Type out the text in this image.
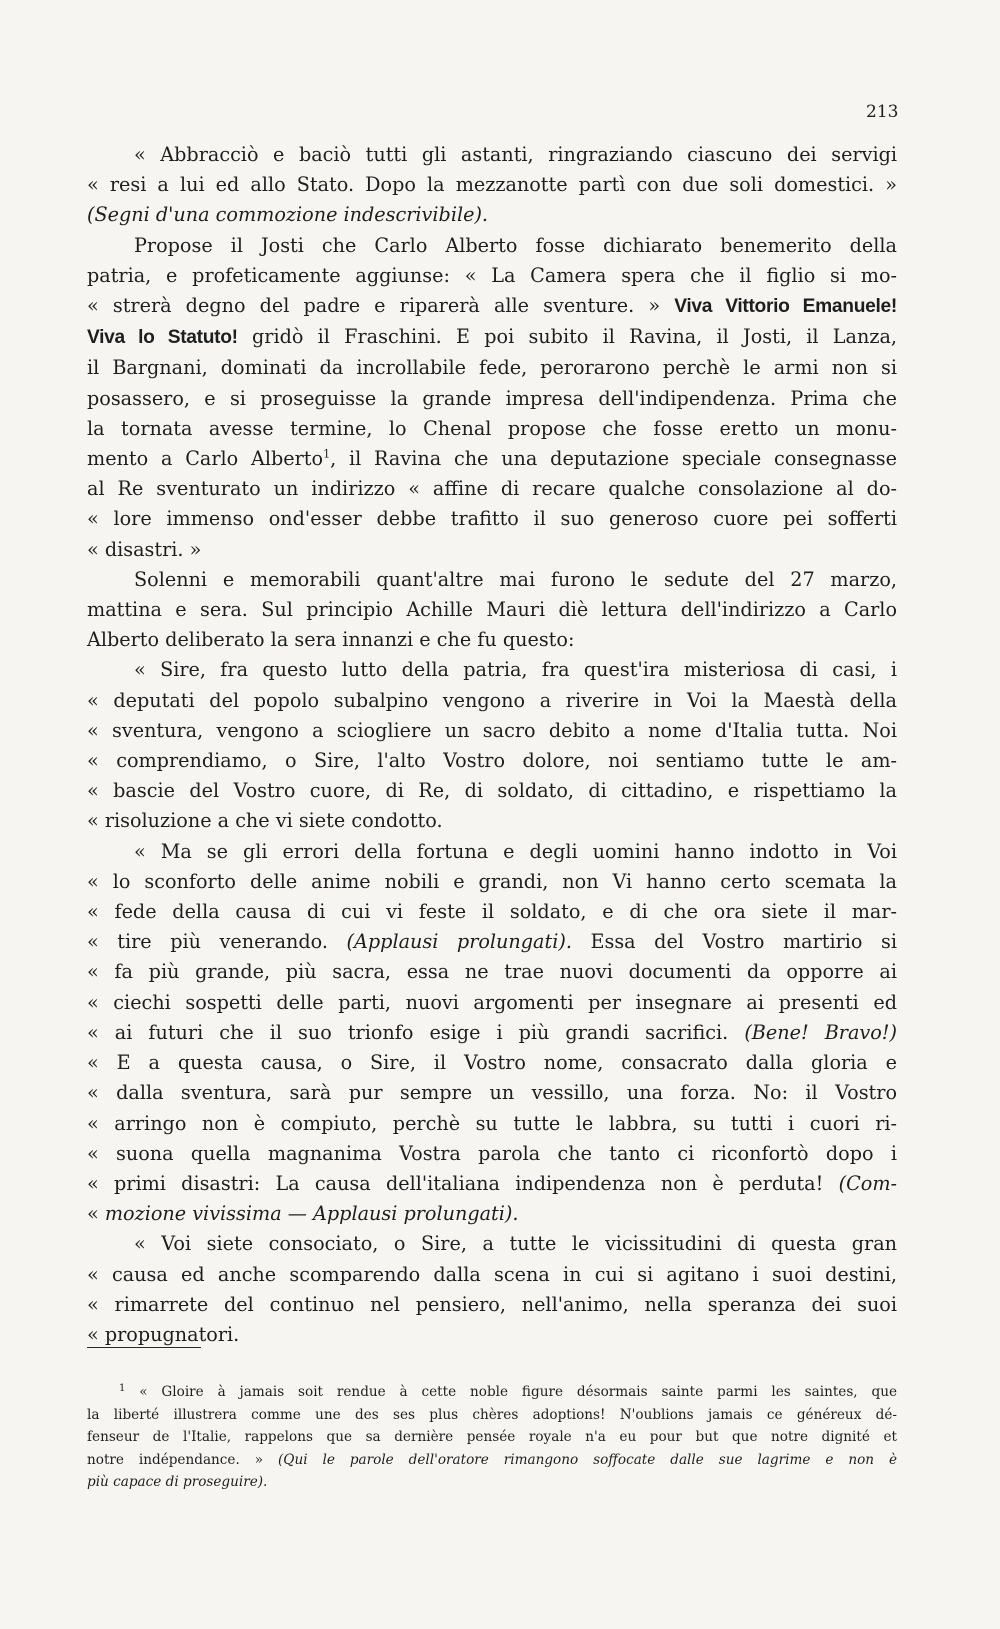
213
« Abbracciò e baciò tutti gli astanti, ringraziando ciascuno dei servigi
« resi a lui ed allo Stato. Dopo la mezzanotte partì con due soli domestici. »
(Segni d'una commozione indescrivibile).
Propose il Josti che Carlo Alberto fosse dichiarato benemerito della
patria, e profeticamente aggiunse: « La Camera spera che il figlio si mo-
« strerà degno del padre e riparerà alle sventure. » Viva Vittorio Emanuele!
Viva lo Statuto! gridò il Fraschini. E poi subito il Ravina, il Josti, il Lanza,
il Bargnani, dominati da incrollabile fede, perorarono perchè le armi non si
posassero, e si proseguisse la grande impresa dell'indipendenza. Prima che
la tornata avesse termine, lo Chenal propose che fosse eretto un monu-
mento a Carlo Alberto$^1$, il Ravina che una deputazione speciale consegnasse
al Re sventurato un indirizzo « affine di recare qualche consolazione al do-
« lore immenso ond'esser debbe trafitto il suo generoso cuore pei sofferti
« disastri. »
Solenni e memorabili quant'altre mai furono le sedute del 27 marzo,
mattina e sera. Sul principio Achille Mauri diè lettura dell'indirizzo a Carlo
Alberto deliberato la sera innanzi e che fu questo:
« Sire, fra questo lutto della patria, fra quest'ira misteriosa di casi, i
« deputati del popolo subalpino vengono a riverire in Voi la Maestà della
« sventura, vengono a sciogliere un sacro debito a nome d'Italia tutta. Noi
« comprendiamo, o Sire, l'alto Vostro dolore, noi sentiamo tutte le am-
« bascie del Vostro cuore, di Re, di soldato, di cittadino, e rispettiamo la
« risoluzione a che vi siete condotto.
« Ma se gli errori della fortuna e degli uomini hanno indotto in Voi
« lo sconforto delle anime nobili e grandi, non Vi hanno certo scemata la
« fede della causa di cui vi feste il soldato, e di che ora siete il mar-
« tire più venerando. (Applausi prolungati). Essa del Vostro martirio si
« fa più grande, più sacra, essa ne trae nuovi documenti da opporre ai
« ciechi sospetti delle parti, nuovi argomenti per insegnare ai presenti ed
« ai futuri che il suo trionfo esige i più grandi sacrifici. (Bene! Bravo!)
« E a questa causa, o Sire, il Vostro nome, consacrato dalla gloria e
« dalla sventura, sarà pur sempre un vessillo, una forza. No: il Vostro
« arringo non è compiuto, perchè su tutte le labbra, su tutti i cuori ri-
« suona quella magnanima Vostra parola che tanto ci riconfortò dopo i
« primi disastri: La causa dell'italiana indipendenza non è perduta! (Com-
« mozione vivissima — Applausi prolungati).
« Voi siete consociato, o Sire, a tutte le vicissitudini di questa gran
« causa ed anche scomparendo dalla scena in cui si agitano i suoi destini,
« rimarrete del continuo nel pensiero, nell'animo, nella speranza dei suoi
« propugnatori.
$^1$ « Gloire à jamais soit rendue à cette noble figure désormais sainte parmi les saintes, que
la liberté illustrera comme une des ses plus chères adoptions! N'oublions jamais ce généreux dé-
fenseur de l'Italie, rappelons que sa dernière pensée royale n'a eu pour but que notre dignité et
notre indépendance. » (Qui le parole dell'oratore rimangono soffocate dalle sue lagrime e non è
più capace di proseguire).
